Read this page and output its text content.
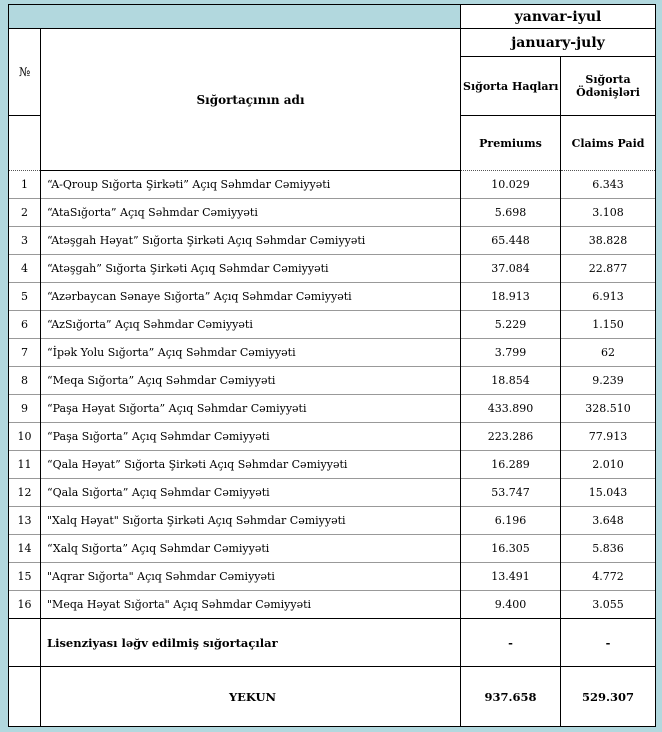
		yanvar-iyul	
№	Sığortaçının adı	january-july	
		Sığorta Haqları	Sığorta Ödənişləri
		Premiums	Claims Paid
1	“A-Qroup Sığorta Şirkəti” Açıq Səhmdar Cəmiyyəti	10.029	6.343
2	“AtaSığorta” Açıq Səhmdar Cəmiyyəti	5.698	3.108
3	“Atəşgah Həyat” Sığorta Şirkəti Açıq Səhmdar Cəmiyyəti	65.448	38.828
4	“Atəşgah” Sığorta Şirkəti Açıq Səhmdar Cəmiyyəti	37.084	22.877
5	“Azərbaycan Sənaye Sığorta” Açıq Səhmdar Cəmiyyəti	18.913	6.913
6	“AzSığorta” Açıq Səhmdar Cəmiyyəti	5.229	1.150
7	“İpək Yolu Sığorta” Açıq Səhmdar Cəmiyyəti	3.799	62
8	“Meqa Sığorta” Açıq Səhmdar Cəmiyyəti	18.854	9.239
9	“Paşa Həyat Sığorta” Açıq Səhmdar Cəmiyyəti	433.890	328.510
10	“Paşa Sığorta” Açıq Səhmdar Cəmiyyəti	223.286	77.913
11	“Qala Həyat” Sığorta Şirkəti Açıq Səhmdar Cəmiyyəti	16.289	2.010
12	“Qala Sığorta” Açıq Səhmdar Cəmiyyəti	53.747	15.043
13	"Xalq Həyat" Sığorta Şirkəti Açıq Səhmdar Cəmiyyəti	6.196	3.648
14	“Xalq Sığorta” Açıq Səhmdar Cəmiyyəti	16.305	5.836
15	"Aqrar Sığorta" Açıq Səhmdar Cəmiyyəti	13.491	4.772
16	"Meqa Həyat Sığorta" Açıq Səhmdar Cəmiyyəti	9.400	3.055
	Lisenziyası ləğv edilmiş sığortaçılar	-	-
	YEKUN	937.658	529.307
